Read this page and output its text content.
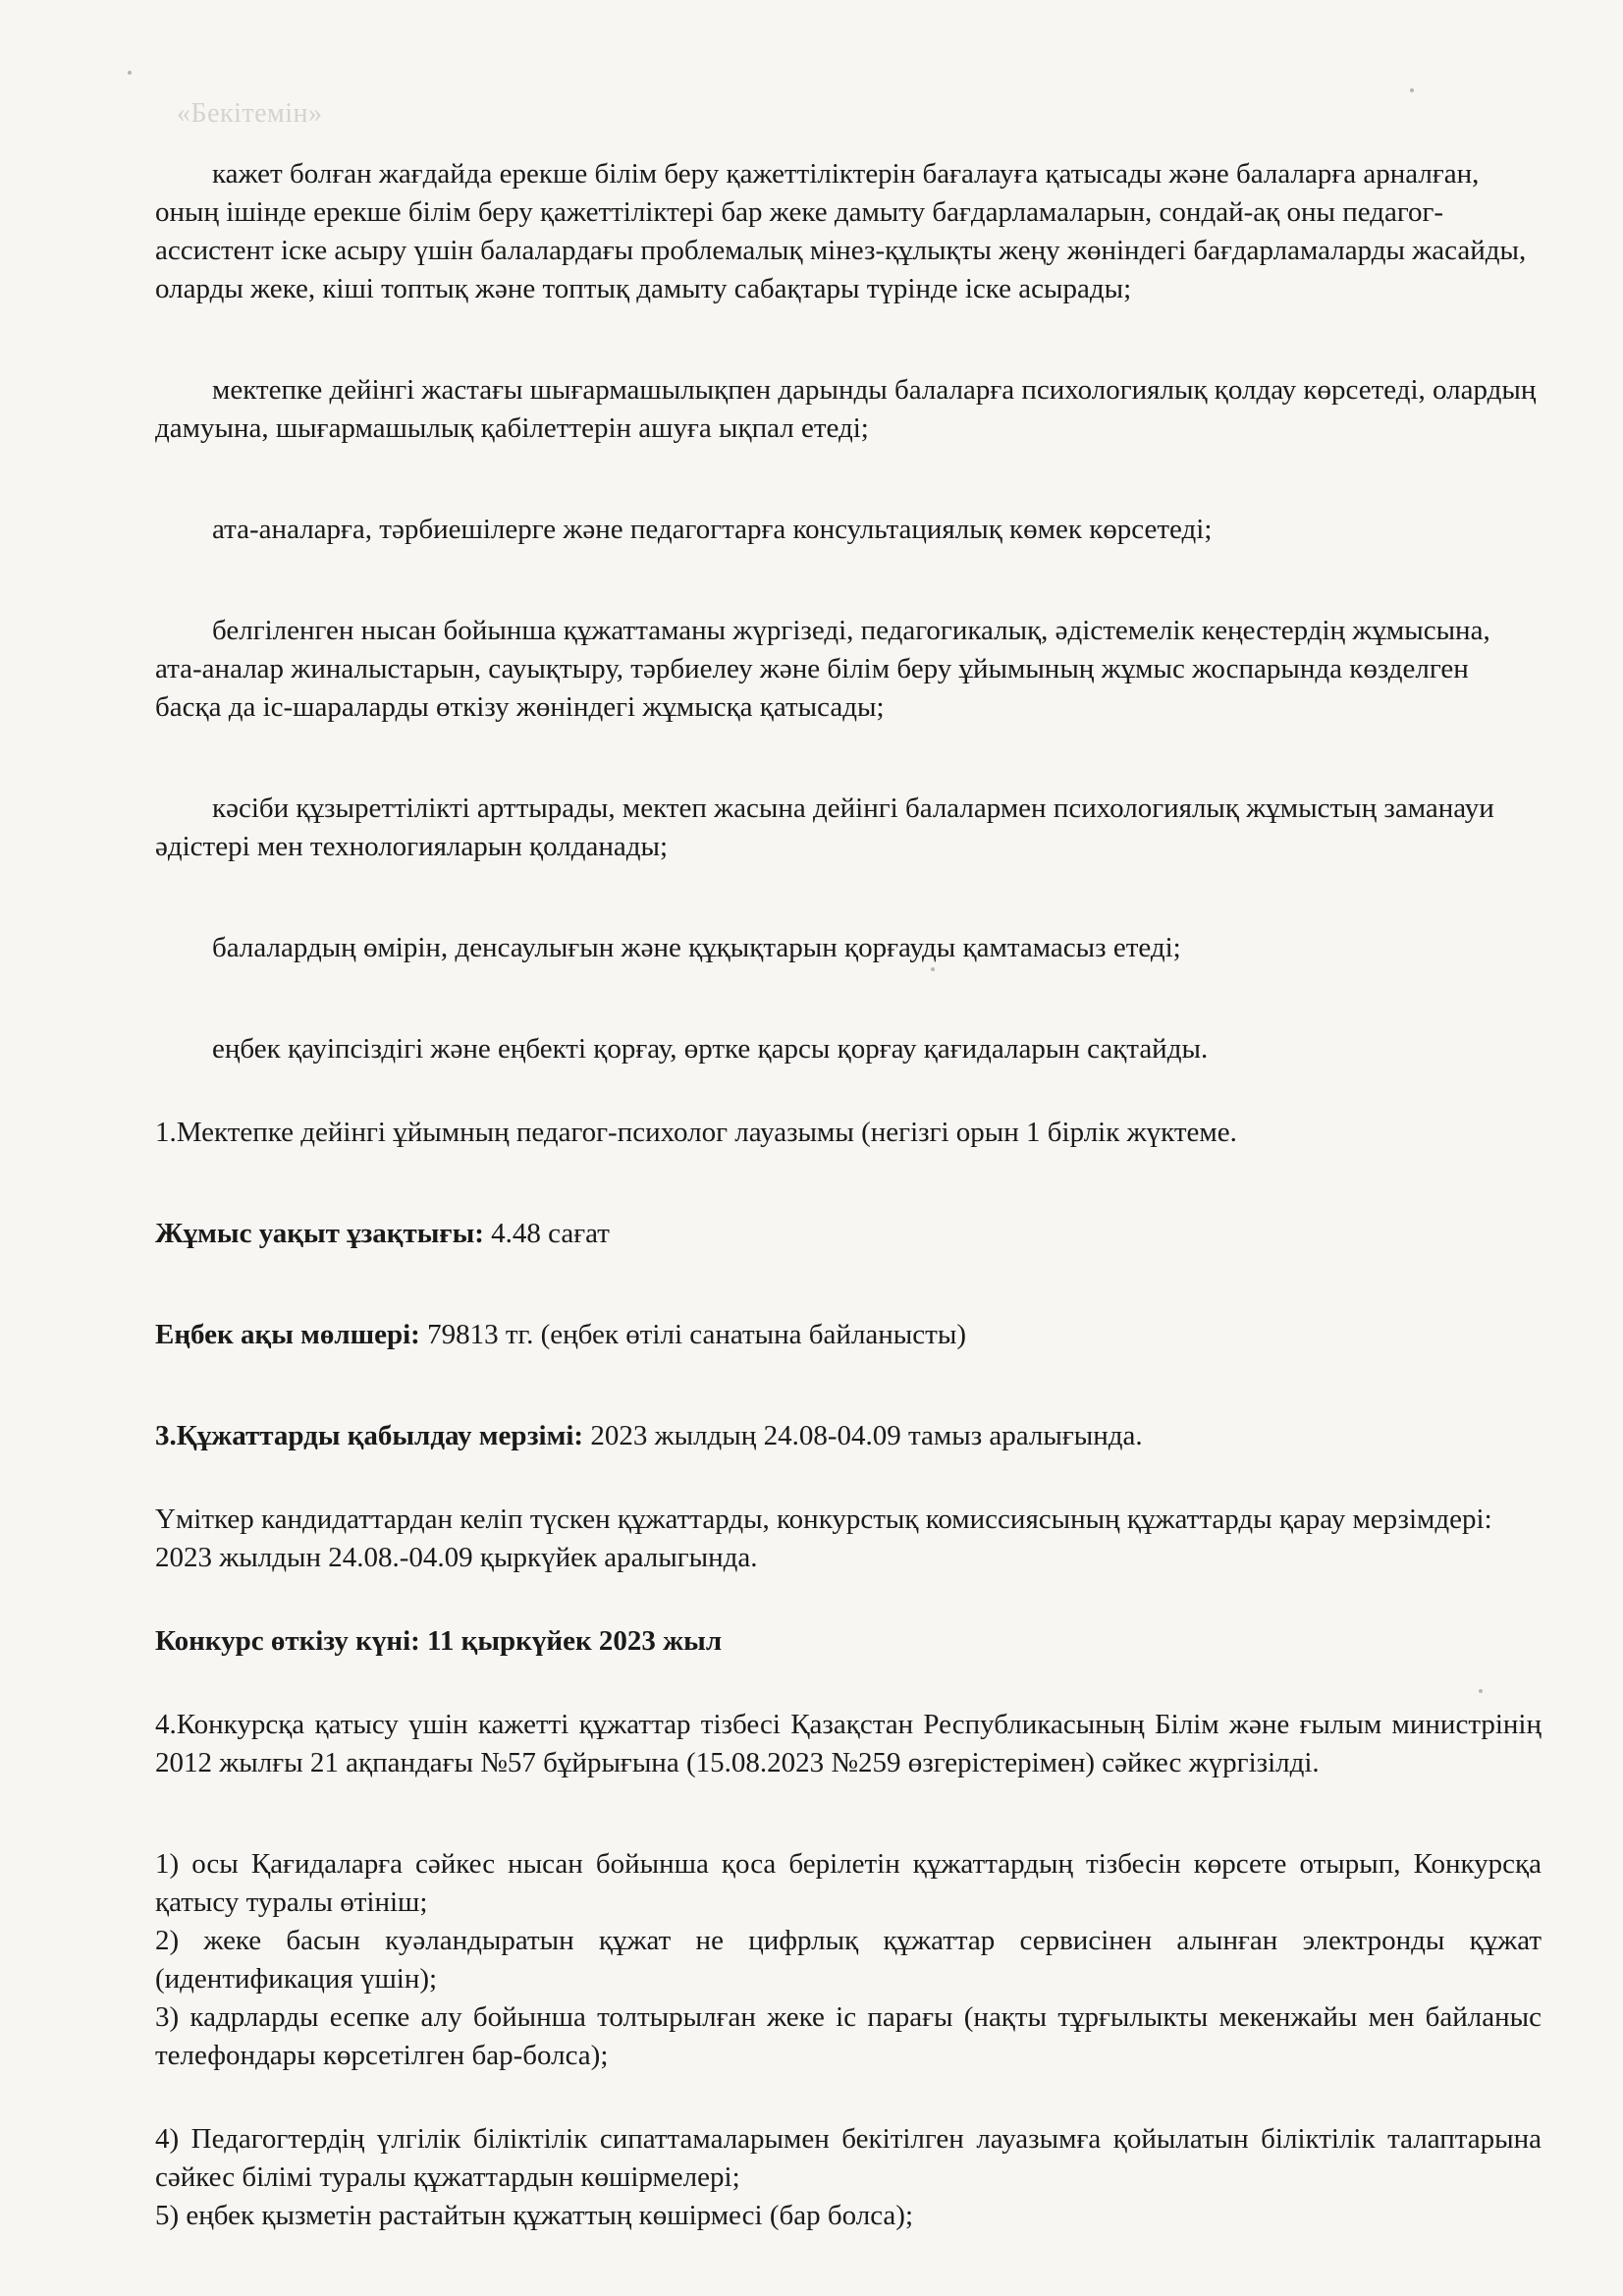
«Бекітемін»

кажет болған жағдайда ерекше білім беру қажеттіліктерін бағалауға қатысады және балаларға арналған, оның ішінде ерекше білім беру қажеттіліктері бар жеке дамыту бағдарламаларын, сондай-ақ оны педагог-ассистент іске асыру үшін балалардағы проблемалық мінез-құлықты жеңу жөніндегі бағдарламаларды жасайды, оларды жеке, кіші топтық және топтық дамыту сабақтары түрінде іске асырады;

мектепке дейінгі жастағы шығармашылықпен дарынды балаларға психологиялық қолдау көрсетеді, олардың дамуына, шығармашылық қабілеттерін ашуға ықпал етеді;

ата-аналарға, тәрбиешілерге және педагогтарға консультациялық көмек көрсетеді;

белгіленген нысан бойынша құжаттаманы жүргізеді, педагогикалық, әдістемелік кеңестердің жұмысына, ата-аналар жиналыстарын, сауықтыру, тәрбиелеу және білім беру ұйымының жұмыс жоспарында көзделген басқа да іс-шараларды өткізу жөніндегі жұмысқа қатысады;

кәсіби құзыреттілікті арттырады, мектеп жасына дейінгі балалармен психологиялық жұмыстың заманауи әдістері мен технологияларын қолданады;

балалардың өмірін, денсаулығын және құқықтарын қорғауды қамтамасыз етеді;

еңбек қауіпсіздігі және еңбекті қорғау, өртке қарсы қорғау қағидаларын сақтайды.

1.Мектепке дейінгі ұйымның педагог-психолог лауазымы (негізгі орын 1 бірлік жүктеме.

Жұмыс уақыт ұзақтығы: 4.48 сағат

Еңбек ақы мөлшері: 79813 тг. (еңбек өтілі санатына байланысты)

3.Құжаттарды қабылдау мерзімі: 2023 жылдың 24.08-04.09 тамыз аралығында.

Үміткер кандидаттардан келіп түскен құжаттарды, конкурстық комиссиясының құжаттарды қарау мерзімдері: 2023 жылдын 24.08.-04.09 қыркүйек аралыгында.

Конкурс өткізу күні: 11 қыркүйек 2023 жыл

4.Конкурсқа қатысу үшін кажетті құжаттар тізбесі Қазақстан Республикасының Білім және ғылым министрінің 2012 жылғы 21 ақпандағы №57 бұйрығына (15.08.2023 №259 өзгерістерімен) сәйкес жүргізілді.

1) осы Қағидаларға сәйкес нысан бойынша қоса берілетін құжаттардың тізбесін көрсете отырып, Конкурсқа қатысу туралы өтініш;

2) жеке басын куәландыратын құжат не цифрлық құжаттар сервисінен алынған электронды құжат (идентификация үшін);

3) кадрларды есепке алу бойынша толтырылған жеке іс парағы (нақты тұрғылыкты мекенжайы мен байланыс телефондары көрсетілген бар-болса);

4) Педагогтердің үлгілік біліктілік сипаттамаларымен бекітілген лауазымға қойылатын біліктілік талаптарына сәйкес білімі туралы құжаттардын көшірмелері;

5) еңбек қызметін растайтын құжаттың көшірмесі (бар болса);
